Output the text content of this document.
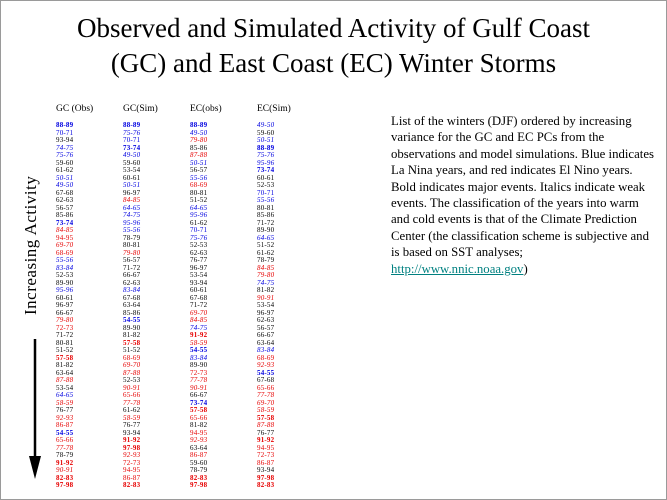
Observed and Simulated Activity of Gulf Coast
(GC) and East Coast (EC) Winter Storms
Increasing Activity
GC (Obs)
88-89
70-71
93-94
74-75
75-76
59-60
61-62
50-51
49-50
67-68
62-63
56-57
85-86
73-74
84-85
94-95
69-70
68-69
55-56
83-84
52-53
89-90
95-96
60-61
96-97
66-67
79-80
72-73
71-72
80-81
51-52
57-58
81-82
63-64
87-88
53-54
64-65
58-59
76-77
92-93
86-87
54-55
65-66
77-78
78-79
91-92
90-91
82-83
97-98
GC(Sim)
88-89
75-76
70-71
73-74
49-50
59-60
53-54
60-61
50-51
96-97
84-85
64-65
74-75
95-96
55-56
78-79
80-81
79-80
56-57
71-72
66-67
62-63
83-84
67-68
63-64
85-86
54-55
89-90
81-82
57-58
51-52
68-69
69-70
87-88
52-53
90-91
65-66
77-78
61-62
58-59
76-77
93-94
91-92
97-98
92-93
72-73
94-95
86-87
82-83
EC(obs)
88-89
49-50
79-80
85-86
87-88
50-51
56-57
55-56
68-69
80-81
51-52
64-65
95-96
61-62
70-71
75-76
52-53
62-63
76-77
96-97
53-54
93-94
60-61
67-68
71-72
69-70
84-85
74-75
91-92
58-59
54-55
83-84
89-90
72-73
77-78
90-91
66-67
73-74
57-58
65-66
81-82
94-95
92-93
63-64
86-87
59-60
78-79
82-83
97-98
EC(Sim)
49-50
59-60
50-51
88-89
75-76
95-96
73-74
60-61
52-53
70-71
55-56
80-81
85-86
71-72
89-90
64-65
51-52
61-62
78-79
84-85
79-80
74-75
81-82
90-91
53-54
96-97
62-63
56-57
66-67
63-64
83-84
68-69
92-93
54-55
67-68
65-66
77-78
69-70
58-59
57-58
87-88
76-77
91-92
94-95
72-73
86-87
93-94
97-98
82-83
List of the winters (DJF) ordered by increasing variance for the GC and EC PCs from the observations and model simulations. Blue indicates La Nina years, and red indicates El Nino years. Bold indicates major events. Italics indicate weak events. The classification of the years into warm and cold events is that of the Climate Prediction Center (the classification scheme is subjective and is based on SST analyses;
http://www.nnic.noaa.gov)
